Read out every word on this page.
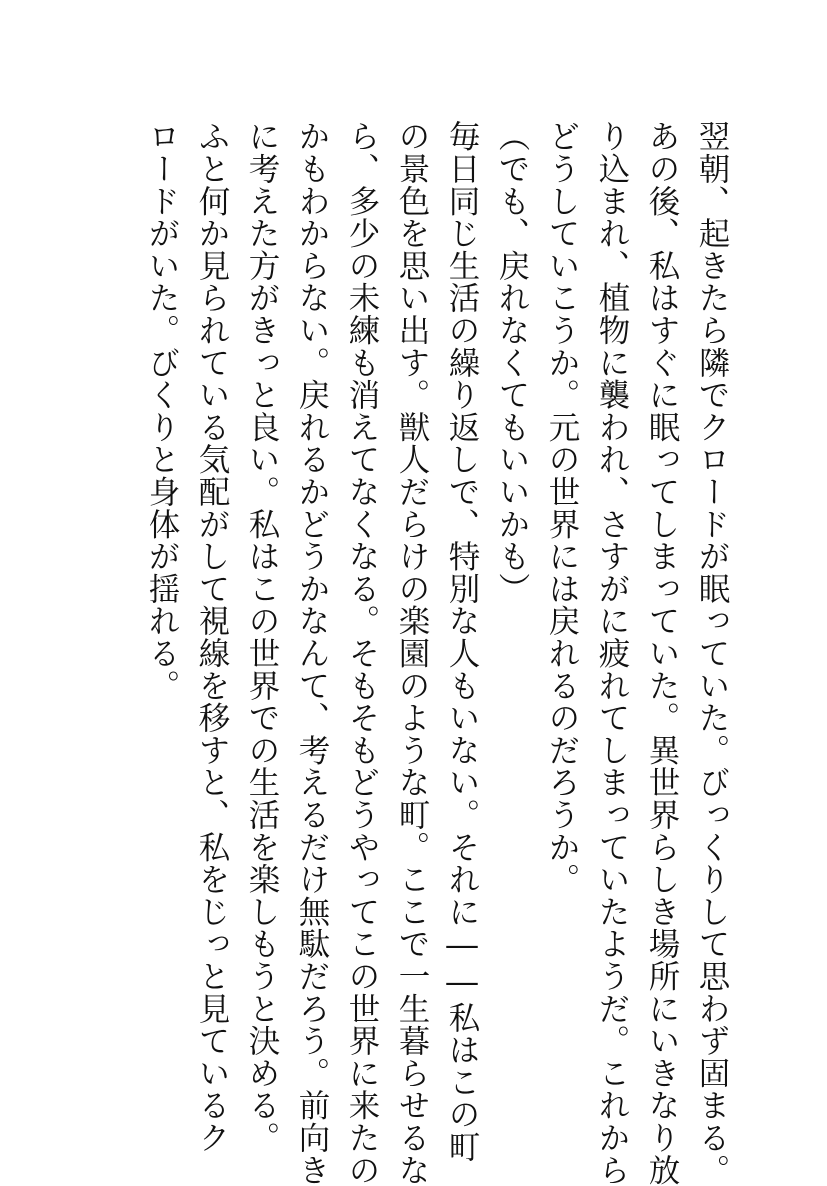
翌朝、起きたら隣でクロードが眠っていた。びっくりして思わず固まる。
あの後、私はすぐに眠ってしまっていた。異世界らしき場所にいきなり放
り込まれ、植物に襲われ、さすがに疲れてしまっていたようだ。これから
どうしていこうか。元の世界には戻れるのだろうか。
（でも、戻れなくてもいいかも）
毎日同じ生活の繰り返しで、特別な人もいない。それに――私はこの町
の景色を思い出す。獣人だらけの楽園のような町。ここで一生暮らせるな
ら、多少の未練も消えてなくなる。そもそもどうやってこの世界に来たの
かもわからない。戻れるかどうかなんて、考えるだけ無駄だろう。前向き
に考えた方がきっと良い。私はこの世界での生活を楽しもうと決める。
ふと何か見られている気配がして視線を移すと、私をじっと見ているク
ロードがいた。びくりと身体が揺れる。
